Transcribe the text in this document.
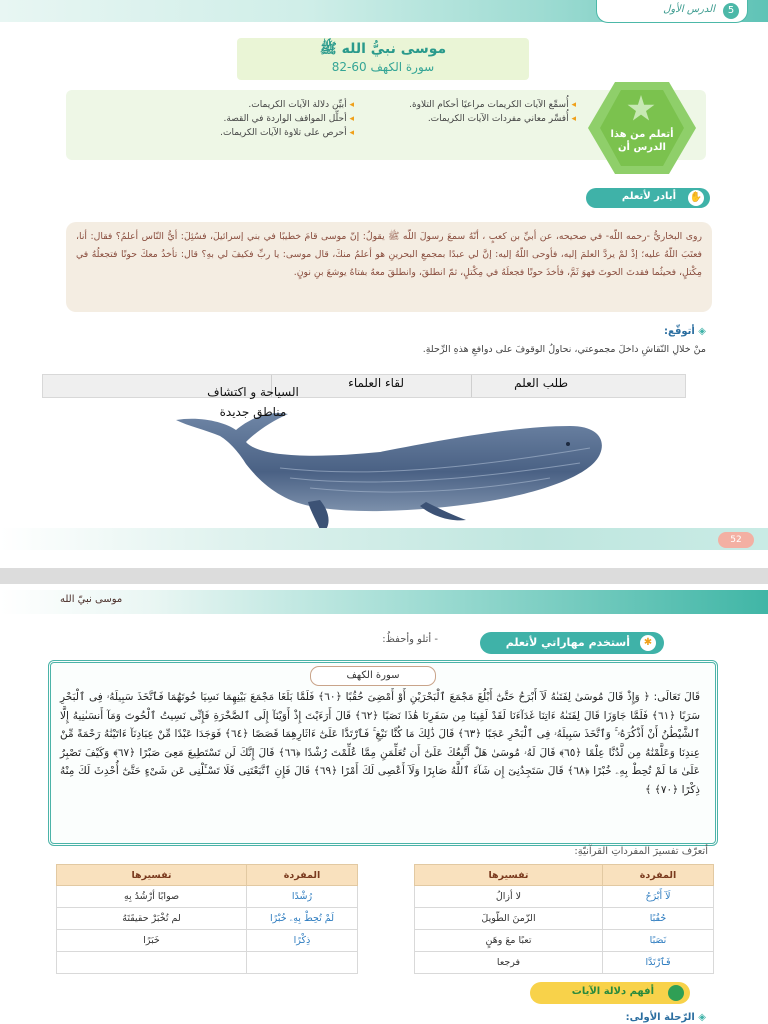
5
الدرس الأول
موسى نبيُّ الله ﷺ
سورة الكهف 60-82
أتعلم من هذا الدرس أن
◂ أُسمِّع الآيات الكريمات مراعيًا أحكام التلاوة.
◂ أُفسِّر معاني مفردات الآيات الكريمات.
◂ أبيِّن دلالة الآيات الكريمات.
◂ أحلِّل المواقف الواردة في القصة.
◂ أحرص على تلاوة الآيات الكريمات.
أبادر لأتعلم ✋

روى البخاريُّ -رحمه اللّه- في صحيحه، عن أبيِّ بن كعبٍ ، أنّهُ سمعَ رسولَ اللّه ﷺ يقولُ: إنّ موسى قامَ خطيبًا في بني إسرائيلَ، فسُئِلَ: أيُّ النّاس أعلمُ؟ فقال: أنا، فعتَبَ اللّهُ عليه؛ إذْ لمْ يردَّ العلمَ إليه، فأوحى اللّهُ إليه: إنَّ لي عبدًا بمجمعِ البحرينِ هو أعلمُ منكَ، قال موسى: يا ربِّ فكيفَ لي بهِ؟ قال: تأخذُ معكَ حوتًا فتجعلُهُ في مِكْتلٍ، فحيثُما فقدتَ الحوتَ فهوَ ثَمَّ، فأخذَ حوتًا فجعلَهُ في مِكْتلٍ، ثمّ انطلقَ، وانطلقَ معهُ بفتاهُ يوشعَ بنِ نونٍ.

◈ أتوقّع:
منْ خلالِ النّقاشِ داخلَ مجموعتي، نحاولُ الوقوفَ على دوافعِ هذهِ الرِّحلةِ.
طلب العلم
لقاء العلماء
السياحة و اكتشاف مناطق جديدة
52
موسى نبيّ الله
أستخدم مهاراتي لأتعلم	✱
- أتلو وأحفظُ:
سورة الكهف
قَالَ تَعَالَى: ﴿ وَإِذْ قَالَ مُوسَىٰ لِفَتَىٰهُ لَآ أَبْرَحُ حَتَّىٰٓ أَبْلُغَ مَجْمَعَ ٱلْبَحْرَيْنِ أَوْ أَمْضِىَ حُقُبًا ﴿٦٠﴾ فَلَمَّا بَلَغَا مَجْمَعَ بَيْنِهِمَا نَسِيَا حُوتَهُمَا فَٱتَّخَذَ سَبِيلَهُۥ فِى ٱلْبَحْرِ سَرَبًا ﴿٦١﴾ فَلَمَّا جَاوَزَا قَالَ لِفَتَىٰهُ ءَاتِنَا غَدَآءَنَا لَقَدْ لَقِينَا مِن سَفَرِنَا هَٰذَا نَصَبًا ﴿٦٢﴾ قَالَ أَرَءَيْتَ إِذْ أَوَيْنَآ إِلَى ٱلصَّخْرَةِ فَإِنِّى نَسِيتُ ٱلْحُوتَ وَمَآ أَنسَىٰنِيهُ إِلَّا ٱلشَّيْطَٰنُ أَنْ أَذْكُرَهُۥ ۚ وَٱتَّخَذَ سَبِيلَهُۥ فِى ٱلْبَحْرِ عَجَبًا ﴿٦٣﴾ قَالَ ذَٰلِكَ مَا كُنَّا نَبْغِ ۚ فَٱرْتَدَّا عَلَىٰٓ ءَاثَارِهِمَا قَصَصًا ﴿٦٤﴾ فَوَجَدَا عَبْدًا مِّنْ عِبَادِنَآ ءَاتَيْنَٰهُ رَحْمَةً مِّنْ عِندِنَا وَعَلَّمْنَٰهُ مِن لَّدُنَّا عِلْمًا ﴿٦٥﴾ قَالَ لَهُۥ مُوسَىٰ هَلْ أَتَّبِعُكَ عَلَىٰٓ أَن تُعَلِّمَنِ مِمَّا عُلِّمْتَ رُشْدًا ﴿٦٦﴾ قَالَ إِنَّكَ لَن تَسْتَطِيعَ مَعِىَ صَبْرًا ﴿٦٧﴾ وَكَيْفَ تَصْبِرُ عَلَىٰ مَا لَمْ تُحِطْ بِهِۦ خُبْرًا ﴿٦٨﴾ قَالَ سَتَجِدُنِىٓ إِن شَآءَ ٱللَّهُ صَابِرًا وَلَآ أَعْصِى لَكَ أَمْرًا ﴿٦٩﴾ قَالَ فَإِنِ ٱتَّبَعْتَنِى فَلَا تَسْـَٔلْنِى عَن شَىْءٍ حَتَّىٰٓ أُحْدِثَ لَكَ مِنْهُ ذِكْرًا ﴿٧٠﴾ ﴾
أتعرّف تفسيرَ المفرداتِ القرآنيّةِ:
المفردة	تفسيرها
لَآ أَبْرَحُ	لا أزالُ
حُقُبًا	الزّمنَ الطّويلَ
نَصَبًا	تعبًا معَ وهَنٍ
فَٱرْتَدَّا	فرجعا
المفردة	تفسيرها
رُشْدًا	صوابًا أرْشُدُ بِهِ
لَمْ تُحِطْ بِهِۦ خُبْرًا	لم تُخْبَرْ حقيقَتَهُ
ذِكْرًا	خَبَرًا

أفهم دلالة الآيات
◈ الرّحلة الأولى:
